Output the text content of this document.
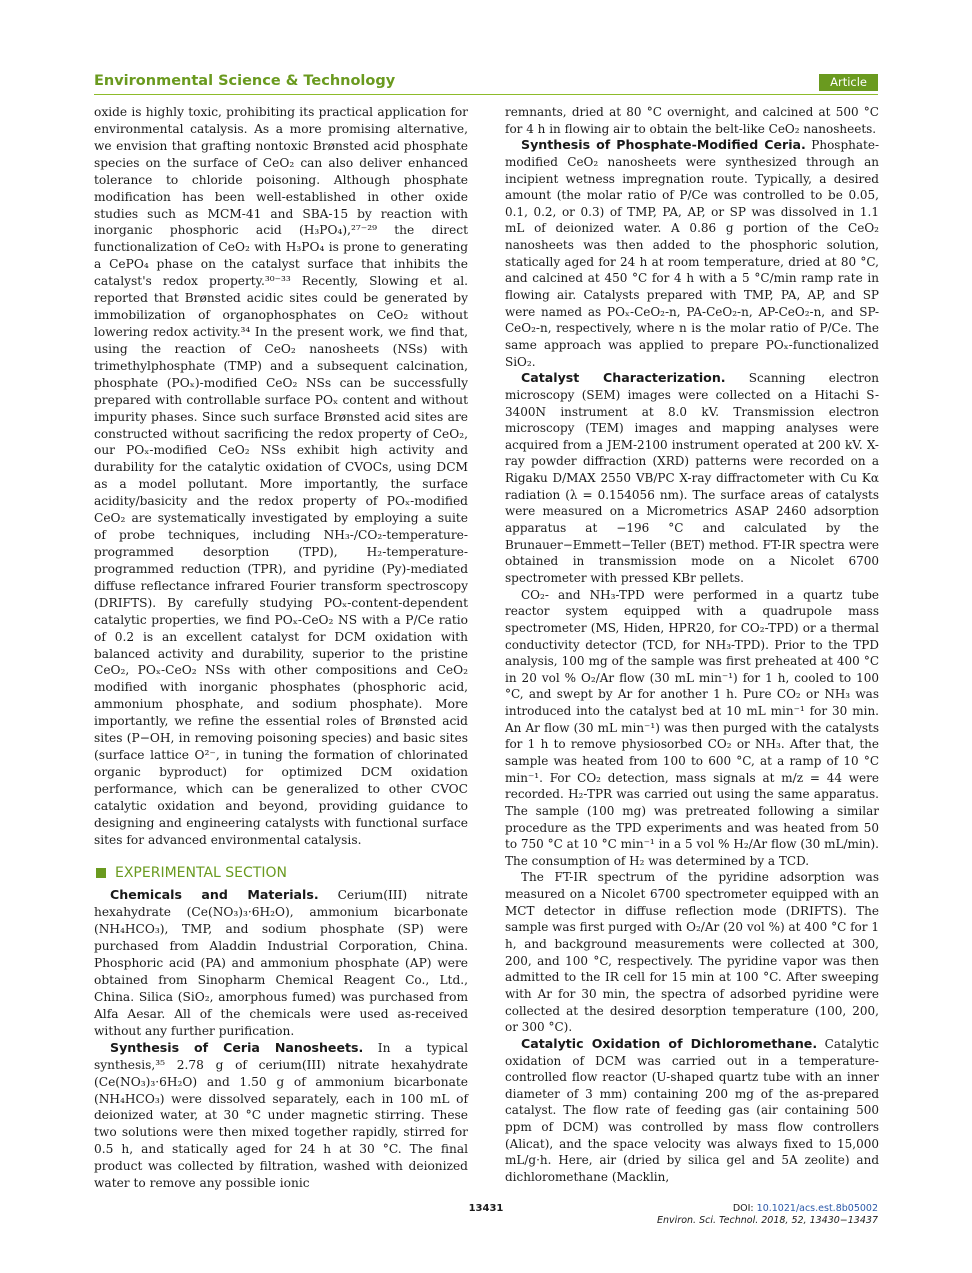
Environmental Science & Technology	Article

oxide is highly toxic, prohibiting its practical application for environmental catalysis. As a more promising alternative, we envision that grafting nontoxic Brønsted acid phosphate species on the surface of CeO₂ can also deliver enhanced tolerance to chloride poisoning. Although phosphate modification has been well-established in other oxide studies such as MCM-41 and SBA-15 by reaction with inorganic phosphoric acid (H₃PO₄),²⁷⁻²⁹ the direct functionalization of CeO₂ with H₃PO₄ is prone to generating a CePO₄ phase on the catalyst surface that inhibits the catalyst's redox property.³⁰⁻³³ Recently, Slowing et al. reported that Brønsted acidic sites could be generated by immobilization of organophosphates on CeO₂ without lowering redox activity.³⁴ In the present work, we find that, using the reaction of CeO₂ nanosheets (NSs) with trimethylphosphate (TMP) and a subsequent calcination, phosphate (POₓ)-modified CeO₂ NSs can be successfully prepared with controllable surface POₓ content and without impurity phases. Since such surface Brønsted acid sites are constructed without sacrificing the redox property of CeO₂, our POₓ-modified CeO₂ NSs exhibit high activity and durability for the catalytic oxidation of CVOCs, using DCM as a model pollutant. More importantly, the surface acidity/basicity and the redox property of POₓ-modified CeO₂ are systematically investigated by employing a suite of probe techniques, including NH₃-/CO₂-temperature-programmed desorption (TPD), H₂-temperature-programmed reduction (TPR), and pyridine (Py)-mediated diffuse reflectance infrared Fourier transform spectroscopy (DRIFTS). By carefully studying POₓ-content-dependent catalytic properties, we find POₓ-CeO₂ NS with a P/Ce ratio of 0.2 is an excellent catalyst for DCM oxidation with balanced activity and durability, superior to the pristine CeO₂, POₓ-CeO₂ NSs with other compositions and CeO₂ modified with inorganic phosphates (phosphoric acid, ammonium phosphate, and sodium phosphate). More importantly, we refine the essential roles of Brønsted acid sites (P−OH, in removing poisoning species) and basic sites (surface lattice O²⁻, in tuning the formation of chlorinated organic byproduct) for optimized DCM oxidation performance, which can be generalized to other CVOC catalytic oxidation and beyond, providing guidance to designing and engineering catalysts with functional surface sites for advanced environmental catalysis.

EXPERIMENTAL SECTION

Chemicals and Materials. Cerium(III) nitrate hexahydrate (Ce(NO₃)₃·6H₂O), ammonium bicarbonate (NH₄HCO₃), TMP, and sodium phosphate (SP) were purchased from Aladdin Industrial Corporation, China. Phosphoric acid (PA) and ammonium phosphate (AP) were obtained from Sinopharm Chemical Reagent Co., Ltd., China. Silica (SiO₂, amorphous fumed) was purchased from Alfa Aesar. All of the chemicals were used as-received without any further purification.

Synthesis of Ceria Nanosheets. In a typical synthesis,³⁵ 2.78 g of cerium(III) nitrate hexahydrate (Ce(NO₃)₃·6H₂O) and 1.50 g of ammonium bicarbonate (NH₄HCO₃) were dissolved separately, each in 100 mL of deionized water, at 30 °C under magnetic stirring. These two solutions were then mixed together rapidly, stirred for 0.5 h, and statically aged for 24 h at 30 °C. The final product was collected by filtration, washed with deionized water to remove any possible ionic

remnants, dried at 80 °C overnight, and calcined at 500 °C for 4 h in flowing air to obtain the belt-like CeO₂ nanosheets.

Synthesis of Phosphate-Modified Ceria. Phosphate-modified CeO₂ nanosheets were synthesized through an incipient wetness impregnation route. Typically, a desired amount (the molar ratio of P/Ce was controlled to be 0.05, 0.1, 0.2, or 0.3) of TMP, PA, AP, or SP was dissolved in 1.1 mL of deionized water. A 0.86 g portion of the CeO₂ nanosheets was then added to the phosphoric solution, statically aged for 24 h at room temperature, dried at 80 °C, and calcined at 450 °C for 4 h with a 5 °C/min ramp rate in flowing air. Catalysts prepared with TMP, PA, AP, and SP were named as POₓ-CeO₂-n, PA-CeO₂-n, AP-CeO₂-n, and SP-CeO₂-n, respectively, where n is the molar ratio of P/Ce. The same approach was applied to prepare POₓ-functionalized SiO₂.

Catalyst Characterization. Scanning electron microscopy (SEM) images were collected on a Hitachi S-3400N instrument at 8.0 kV. Transmission electron microscopy (TEM) images and mapping analyses were acquired from a JEM-2100 instrument operated at 200 kV. X-ray powder diffraction (XRD) patterns were recorded on a Rigaku D/MAX 2550 VB/PC X-ray diffractometer with Cu Kα radiation (λ = 0.154056 nm). The surface areas of catalysts were measured on a Micrometrics ASAP 2460 adsorption apparatus at −196 °C and calculated by the Brunauer−Emmett−Teller (BET) method. FT-IR spectra were obtained in transmission mode on a Nicolet 6700 spectrometer with pressed KBr pellets.

CO₂- and NH₃-TPD were performed in a quartz tube reactor system equipped with a quadrupole mass spectrometer (MS, Hiden, HPR20, for CO₂-TPD) or a thermal conductivity detector (TCD, for NH₃-TPD). Prior to the TPD analysis, 100 mg of the sample was first preheated at 400 °C in 20 vol % O₂/Ar flow (30 mL min⁻¹) for 1 h, cooled to 100 °C, and swept by Ar for another 1 h. Pure CO₂ or NH₃ was introduced into the catalyst bed at 10 mL min⁻¹ for 30 min. An Ar flow (30 mL min⁻¹) was then purged with the catalysts for 1 h to remove physiosorbed CO₂ or NH₃. After that, the sample was heated from 100 to 600 °C, at a ramp of 10 °C min⁻¹. For CO₂ detection, mass signals at m/z = 44 were recorded. H₂-TPR was carried out using the same apparatus. The sample (100 mg) was pretreated following a similar procedure as the TPD experiments and was heated from 50 to 750 °C at 10 °C min⁻¹ in a 5 vol % H₂/Ar flow (30 mL/min). The consumption of H₂ was determined by a TCD.

The FT-IR spectrum of the pyridine adsorption was measured on a Nicolet 6700 spectrometer equipped with an MCT detector in diffuse reflection mode (DRIFTS). The sample was first purged with O₂/Ar (20 vol %) at 400 °C for 1 h, and background measurements were collected at 300, 200, and 100 °C, respectively. The pyridine vapor was then admitted to the IR cell for 15 min at 100 °C. After sweeping with Ar for 30 min, the spectra of adsorbed pyridine were collected at the desired desorption temperature (100, 200, or 300 °C).

Catalytic Oxidation of Dichloromethane. Catalytic oxidation of DCM was carried out in a temperature-controlled flow reactor (U-shaped quartz tube with an inner diameter of 3 mm) containing 200 mg of the as-prepared catalyst. The flow rate of feeding gas (air containing 500 ppm of DCM) was controlled by mass flow controllers (Alicat), and the space velocity was always fixed to 15,000 mL/g·h. Here, air (dried by silica gel and 5A zeolite) and dichloromethane (Macklin,

13431	DOI: 10.1021/acs.est.8b05002
Environ. Sci. Technol. 2018, 52, 13430−13437
